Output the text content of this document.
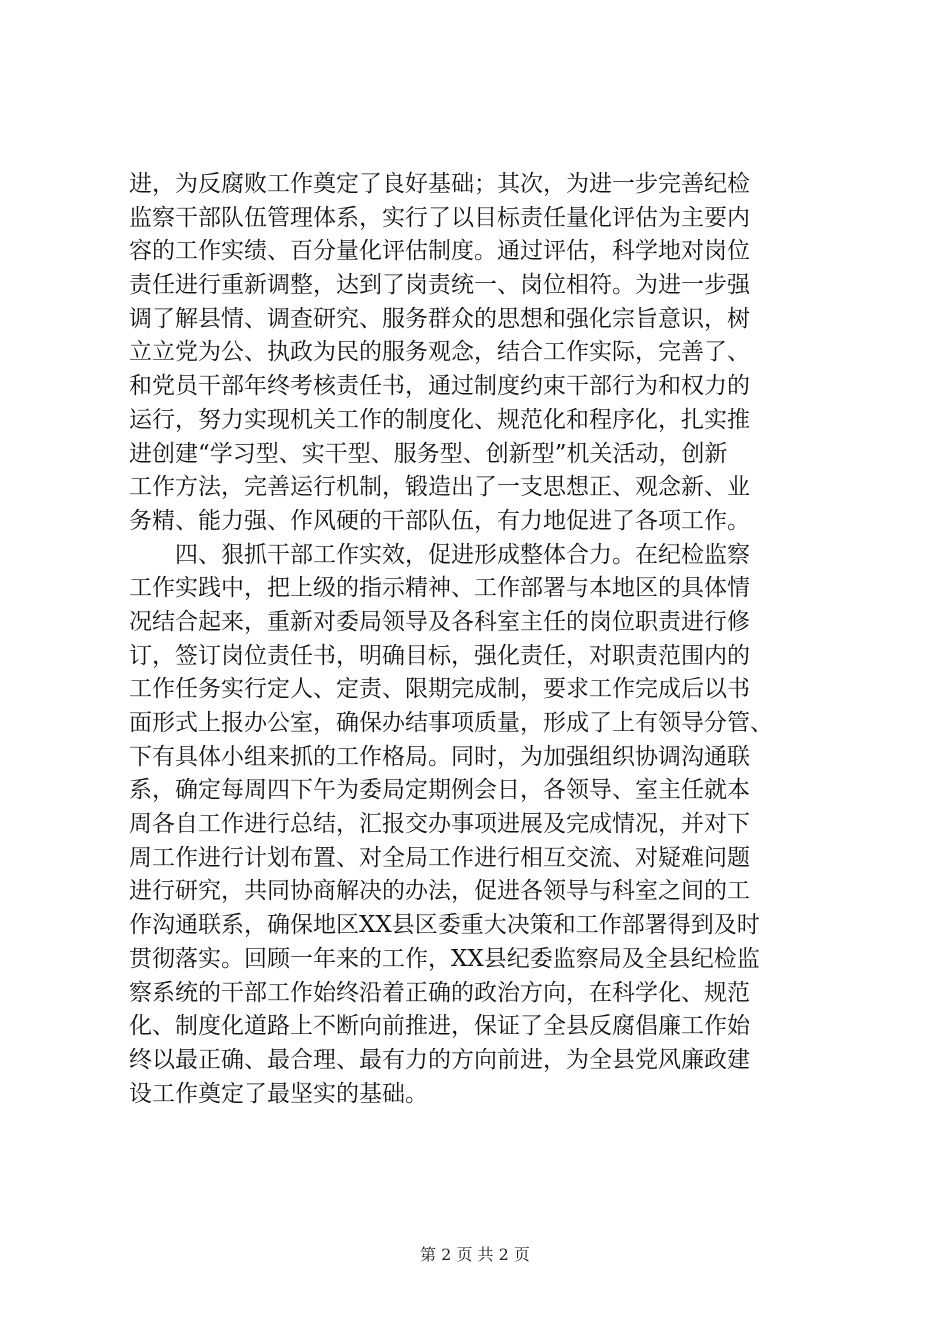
进，为反腐败工作奠定了良好基础；其次，为进一步完善纪检
监察干部队伍管理体系，实行了以目标责任量化评估为主要内
容的工作实绩、百分量化评估制度。通过评估，科学地对岗位
责任进行重新调整，达到了岗责统一、岗位相符。为进一步强
调了解县情、调查研究、服务群众的思想和强化宗旨意识，树
立立党为公、执政为民的服务观念，结合工作实际，完善了、
和党员干部年终考核责任书，通过制度约束干部行为和权力的
运行，努力实现机关工作的制度化、规范化和程序化，扎实推
进创建“学习型、实干型、服务型、创新型”机关活动，创新
工作方法，完善运行机制，锻造出了一支思想正、观念新、业
务精、能力强、作风硬的干部队伍，有力地促进了各项工作。
　　四、狠抓干部工作实效，促进形成整体合力。在纪检监察
工作实践中，把上级的指示精神、工作部署与本地区的具体情
况结合起来，重新对委局领导及各科室主任的岗位职责进行修
订，签订岗位责任书，明确目标，强化责任，对职责范围内的
工作任务实行定人、定责、限期完成制，要求工作完成后以书
面形式上报办公室，确保办结事项质量，形成了上有领导分管、
下有具体小组来抓的工作格局。同时，为加强组织协调沟通联
系，确定每周四下午为委局定期例会日，各领导、室主任就本
周各自工作进行总结，汇报交办事项进展及完成情况，并对下
周工作进行计划布置、对全局工作进行相互交流、对疑难问题
进行研究，共同协商解决的办法，促进各领导与科室之间的工
作沟通联系，确保地区XX县区委重大决策和工作部署得到及时
贯彻落实。回顾一年来的工作，XX县纪委监察局及全县纪检监
察系统的干部工作始终沿着正确的政治方向，在科学化、规范
化、制度化道路上不断向前推进，保证了全县反腐倡廉工作始
终以最正确、最合理、最有力的方向前进，为全县党风廉政建
设工作奠定了最坚实的基础。
第 2 页 共 2 页
